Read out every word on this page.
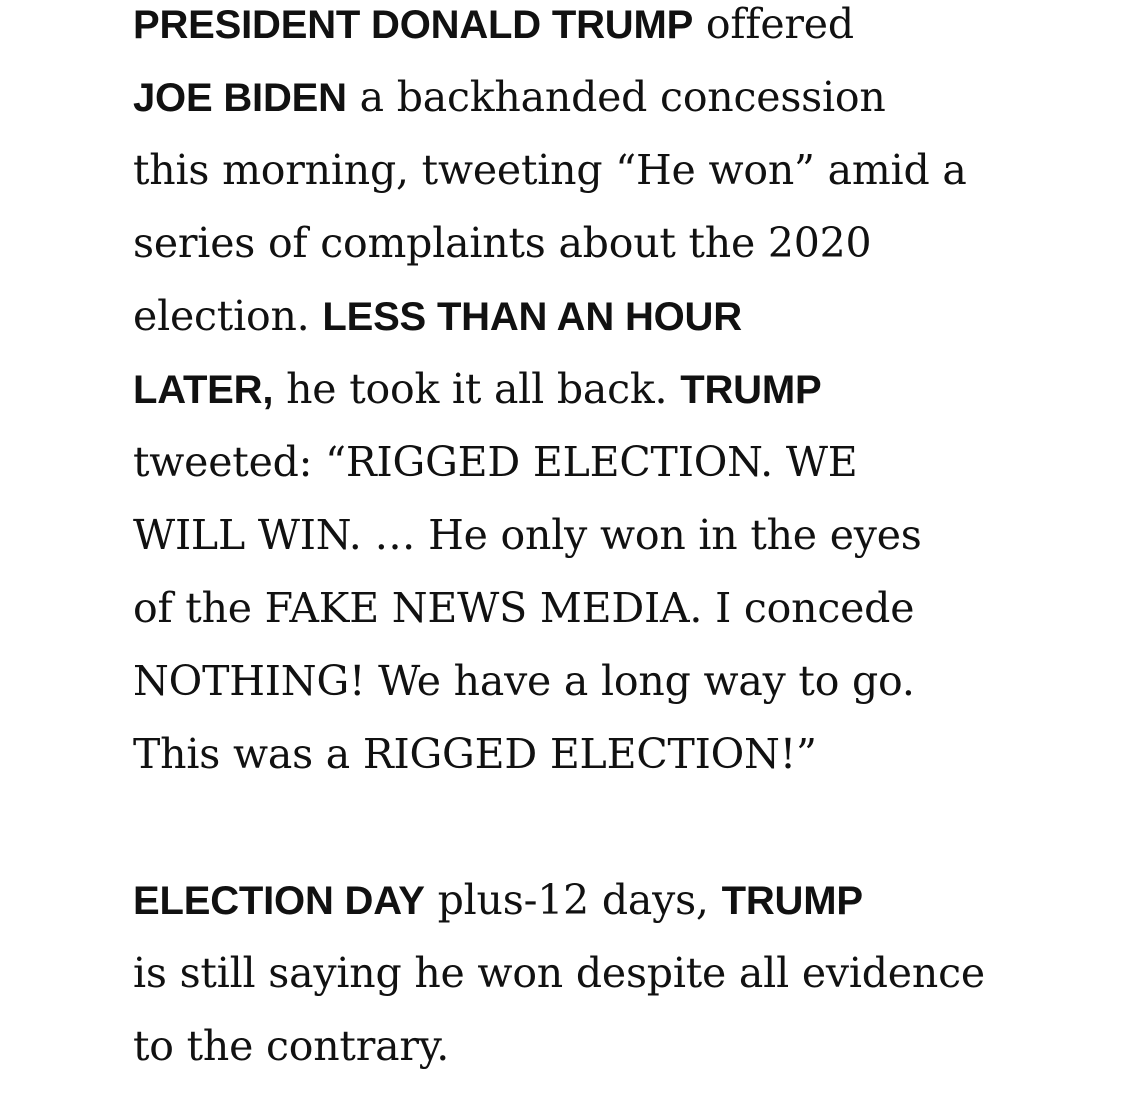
PRESIDENT DONALD TRUMP offered
JOE BIDEN a backhanded concession
this morning, tweeting “He won” amid a
series of complaints about the 2020
election. LESS THAN AN HOUR
LATER, he took it all back. TRUMP
tweeted: “RIGGED ELECTION. WE
WILL WIN. … He only won in the eyes
of the FAKE NEWS MEDIA. I concede
NOTHING! We have a long way to go.
This was a RIGGED ELECTION!”
ELECTION DAY plus-12 days, TRUMP
is still saying he won despite all evidence
to the contrary.
